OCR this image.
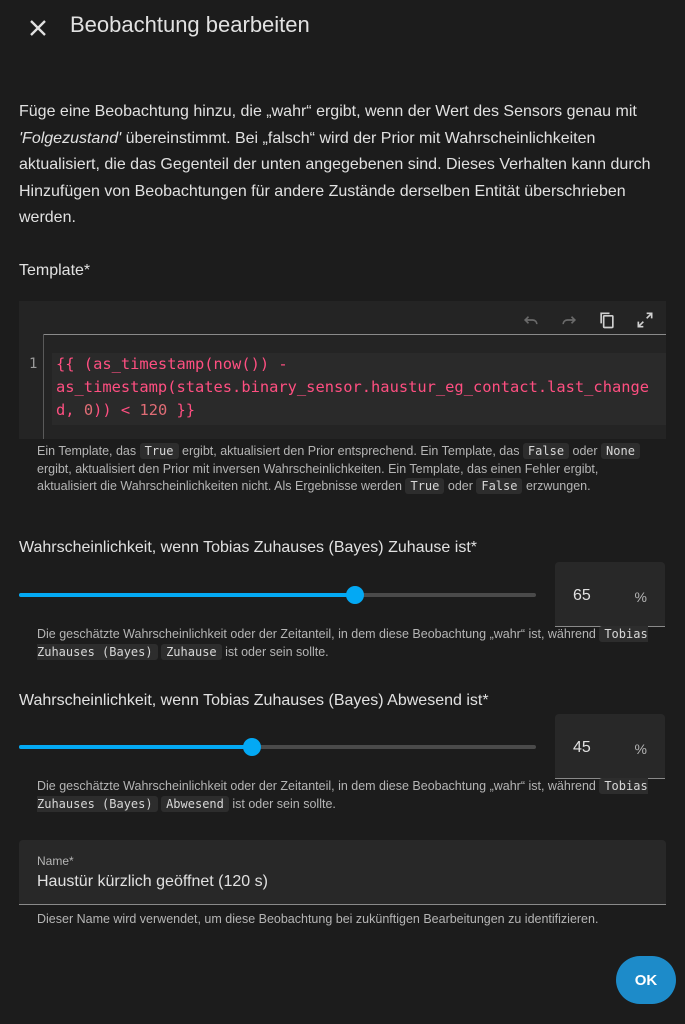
Beobachtung bearbeiten

Füge eine Beobachtung hinzu, die „wahr“ ergibt, wenn der Wert des Sensors genau mit 'Folgezustand' übereinstimmt. Bei „falsch“ wird der Prior mit Wahrscheinlichkeiten aktualisiert, die das Gegenteil der unten angegebenen sind. Dieses Verhalten kann durch Hinzufügen von Beobachtungen für andere Zustände derselben Entität überschrieben werden.

Template*
1 {{ (as_timestamp(now()) -
as_timestamp(states.binary_sensor.haustur_eg_contact.last_change
d, 0)) < 120 }}

Ein Template, das True ergibt, aktualisiert den Prior entsprechend. Ein Template, das False oder None ergibt, aktualisiert den Prior mit inversen Wahrscheinlichkeiten. Ein Template, das einen Fehler ergibt, aktualisiert die Wahrscheinlichkeiten nicht. Als Ergebnisse werden True oder False erzwungen.

Wahrscheinlichkeit, wenn Tobias Zuhauses (Bayes) Zuhause ist*
65	%

Die geschätzte Wahrscheinlichkeit oder der Zeitanteil, in dem diese Beobachtung „wahr“ ist, während Tobias Zuhauses (Bayes) Zuhause ist oder sein sollte.

Wahrscheinlichkeit, wenn Tobias Zuhauses (Bayes) Abwesend ist*
45	%

Die geschätzte Wahrscheinlichkeit oder der Zeitanteil, in dem diese Beobachtung „wahr“ ist, während Tobias Zuhauses (Bayes) Abwesend ist oder sein sollte.

Name*
Haustür kürzlich geöffnet (120 s)

Dieser Name wird verwendet, um diese Beobachtung bei zukünftigen Bearbeitungen zu identifizieren.

OK
